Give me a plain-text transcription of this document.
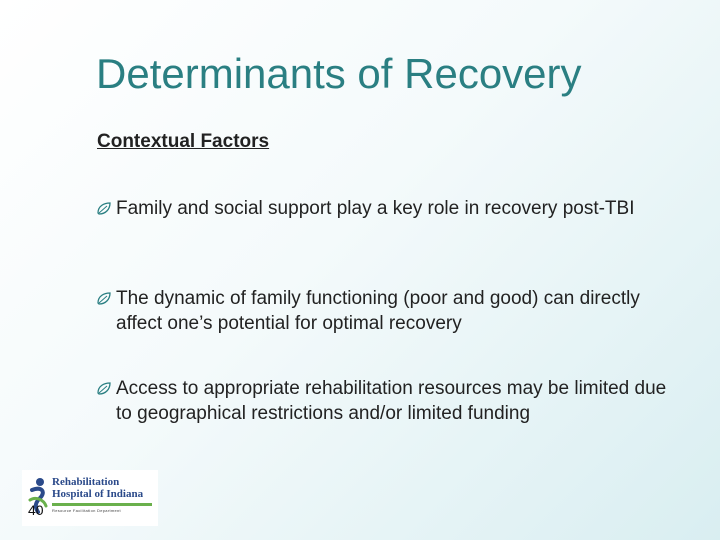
Determinants of Recovery
Contextual Factors
Family and social support play a key role in recovery post-TBI
The dynamic of family functioning (poor and good) can directly affect one’s potential for optimal recovery
Access to appropriate rehabilitation resources may be limited due to geographical restrictions and/or limited funding
Rehabilitation
Hospital of Indiana
Resource Facilitation Department
40
